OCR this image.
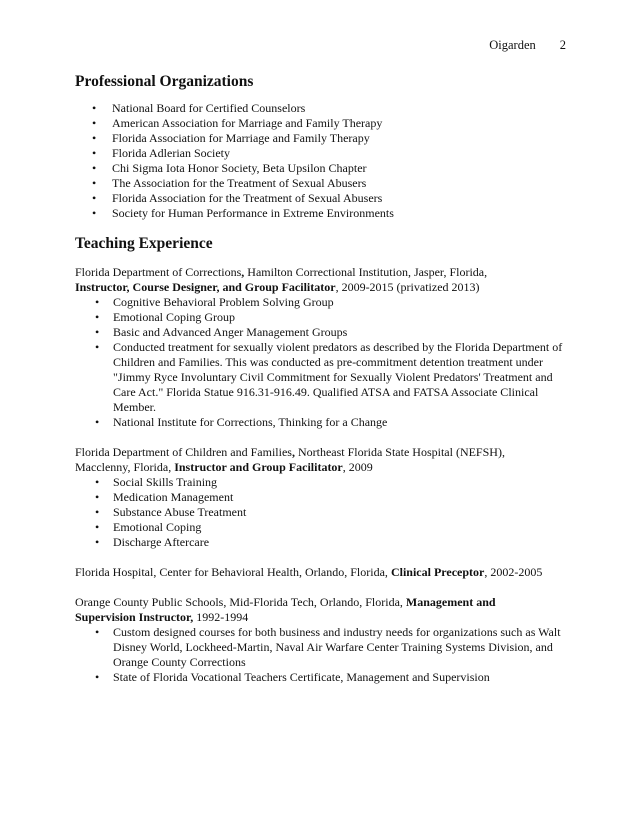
Oigarden 2
Professional Organizations
• National Board for Certified Counselors
• American Association for Marriage and Family Therapy
• Florida Association for Marriage and Family Therapy
• Florida Adlerian Society
• Chi Sigma Iota Honor Society, Beta Upsilon Chapter
• The Association for the Treatment of Sexual Abusers
• Florida Association for the Treatment of Sexual Abusers
• Society for Human Performance in Extreme Environments
Teaching Experience
Florida Department of Corrections, Hamilton Correctional Institution, Jasper, Florida,
Instructor, Course Designer, and Group Facilitator, 2009-2015 (privatized 2013)
• Cognitive Behavioral Problem Solving Group
• Emotional Coping Group
• Basic and Advanced Anger Management Groups
• Conducted treatment for sexually violent predators as described by the Florida Department of Children and Families. This was conducted as pre-commitment detention treatment under "Jimmy Ryce Involuntary Civil Commitment for Sexually Violent Predators' Treatment and Care Act." Florida Statue 916.31-916.49. Qualified ATSA and FATSA Associate Clinical Member.
• National Institute for Corrections, Thinking for a Change
Florida Department of Children and Families, Northeast Florida State Hospital (NEFSH),
Macclenny, Florida, Instructor and Group Facilitator, 2009
• Social Skills Training
• Medication Management
• Substance Abuse Treatment
• Emotional Coping
• Discharge Aftercare
Florida Hospital, Center for Behavioral Health, Orlando, Florida, Clinical Preceptor, 2002-2005
Orange County Public Schools, Mid-Florida Tech, Orlando, Florida, Management and
Supervision Instructor, 1992-1994
• Custom designed courses for both business and industry needs for organizations such as Walt Disney World, Lockheed-Martin, Naval Air Warfare Center Training Systems Division, and Orange County Corrections
• State of Florida Vocational Teachers Certificate, Management and Supervision
